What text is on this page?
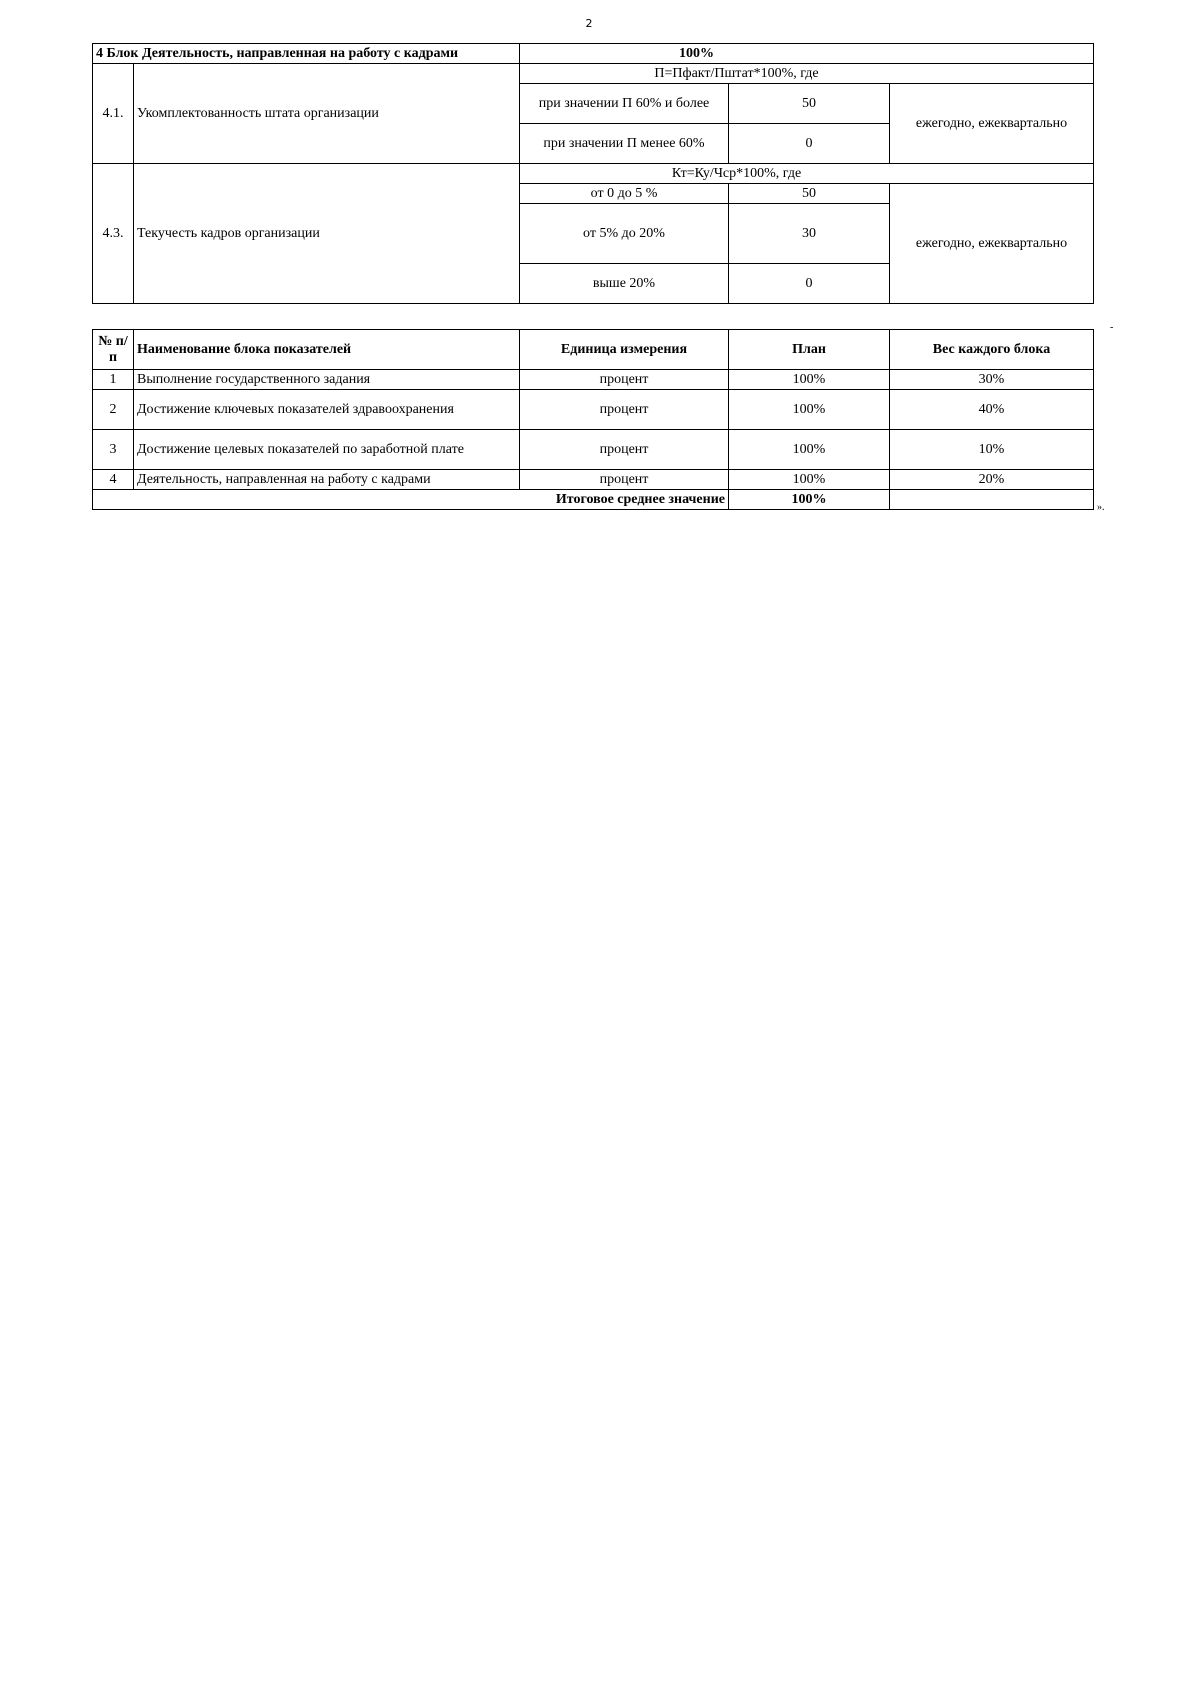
2
4 Блок Деятельность, направленная на работу с кадрами		100%		
4.1.	Укомплектованность штата организации	П=Пфакт/Пштат*100%, где		
		при значении П 60% и более	50	ежегодно, ежеквартально
		при значении П менее 60%	0	
4.3.	Текучесть кадров организации	Кт=Ку/Чср*100%, где		
		от 0 до 5 %	50	ежегодно, ежеквартально
		от 5% до 20%	30	
		выше 20%	0	
№ п/п	Наименование блока показателей	Единица измерения	План	Вес каждого блока
1	Выполнение государственного задания	процент	100%	30%
2	Достижение ключевых показателей здравоохранения	процент	100%	40%
3	Достижение целевых показателей по заработной плате	процент	100%	10%
4	Деятельность, направленная на работу с кадрами	процент	100%	20%
Итоговое среднее значение			100%	
».
-
